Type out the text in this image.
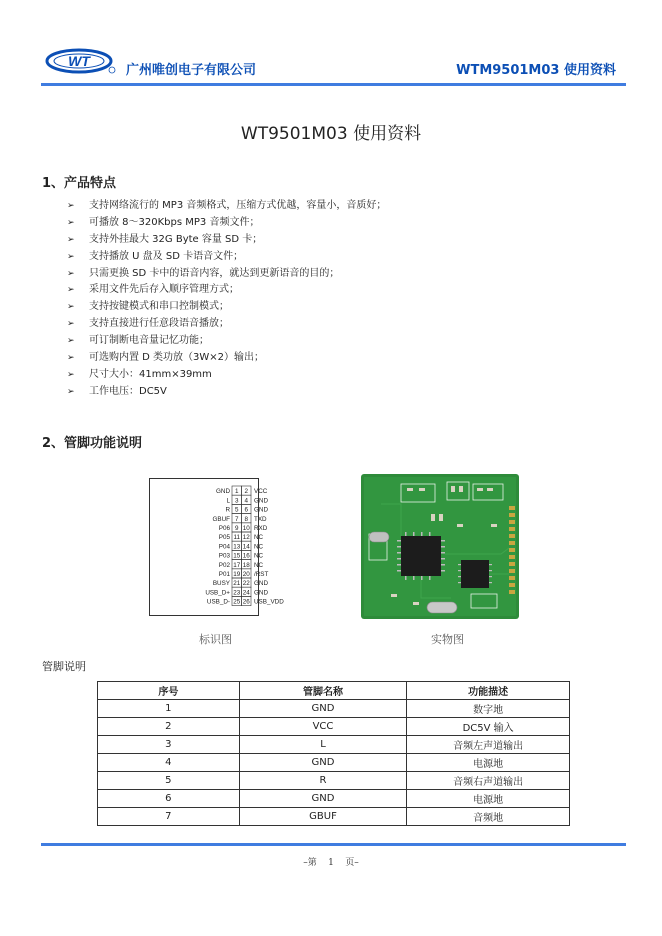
WT
广州唯创电子有限公司	WTM9501M03 使用资料
WT9501M03 使用资料
1、产品特点
➢ 支持网络流行的 MP3 音频格式，压缩方式优越，容量小，音质好；
➢ 可播放 8～320Kbps MP3 音频文件；
➢ 支持外挂最大 32G Byte 容量 SD 卡；
➢ 支持播放 U 盘及 SD 卡语音文件；
➢ 只需更换 SD 卡中的语音内容，就达到更新语音的目的；
➢ 采用文件先后存入顺序管理方式；
➢ 支持按键模式和串口控制模式；
➢ 支持直接进行任意段语音播放；
➢ 可订制断电音量记忆功能；
➢ 可选购内置 D 类功放（3W×2）输出；
➢ 尺寸大小：41mm×39mm
➢ 工作电压：DC5V
2、管脚功能说明
GND 1 2 VCC
L 3 4 GND
R 5 6 GND
GBUF 7 8 TXD
P06 9 10 RXD
P05 11 12 NC
P04 13 14 NC
P03 15 16 NC
P02 17 18 NC
P01 19 20 /RST
BUSY 21 22 GND
USB_D+ 23 24 GND
USB_D- 25 26 USB_VDD
标识图	实物图
管脚说明
序号	管脚名称	功能描述
1	GND	数字地
2	VCC	DC5V 输入
3	L	音频左声道输出
4	GND	电源地
5	R	音频右声道输出
6	GND	电源地
7	GBUF	音频地
–第    1    页–
